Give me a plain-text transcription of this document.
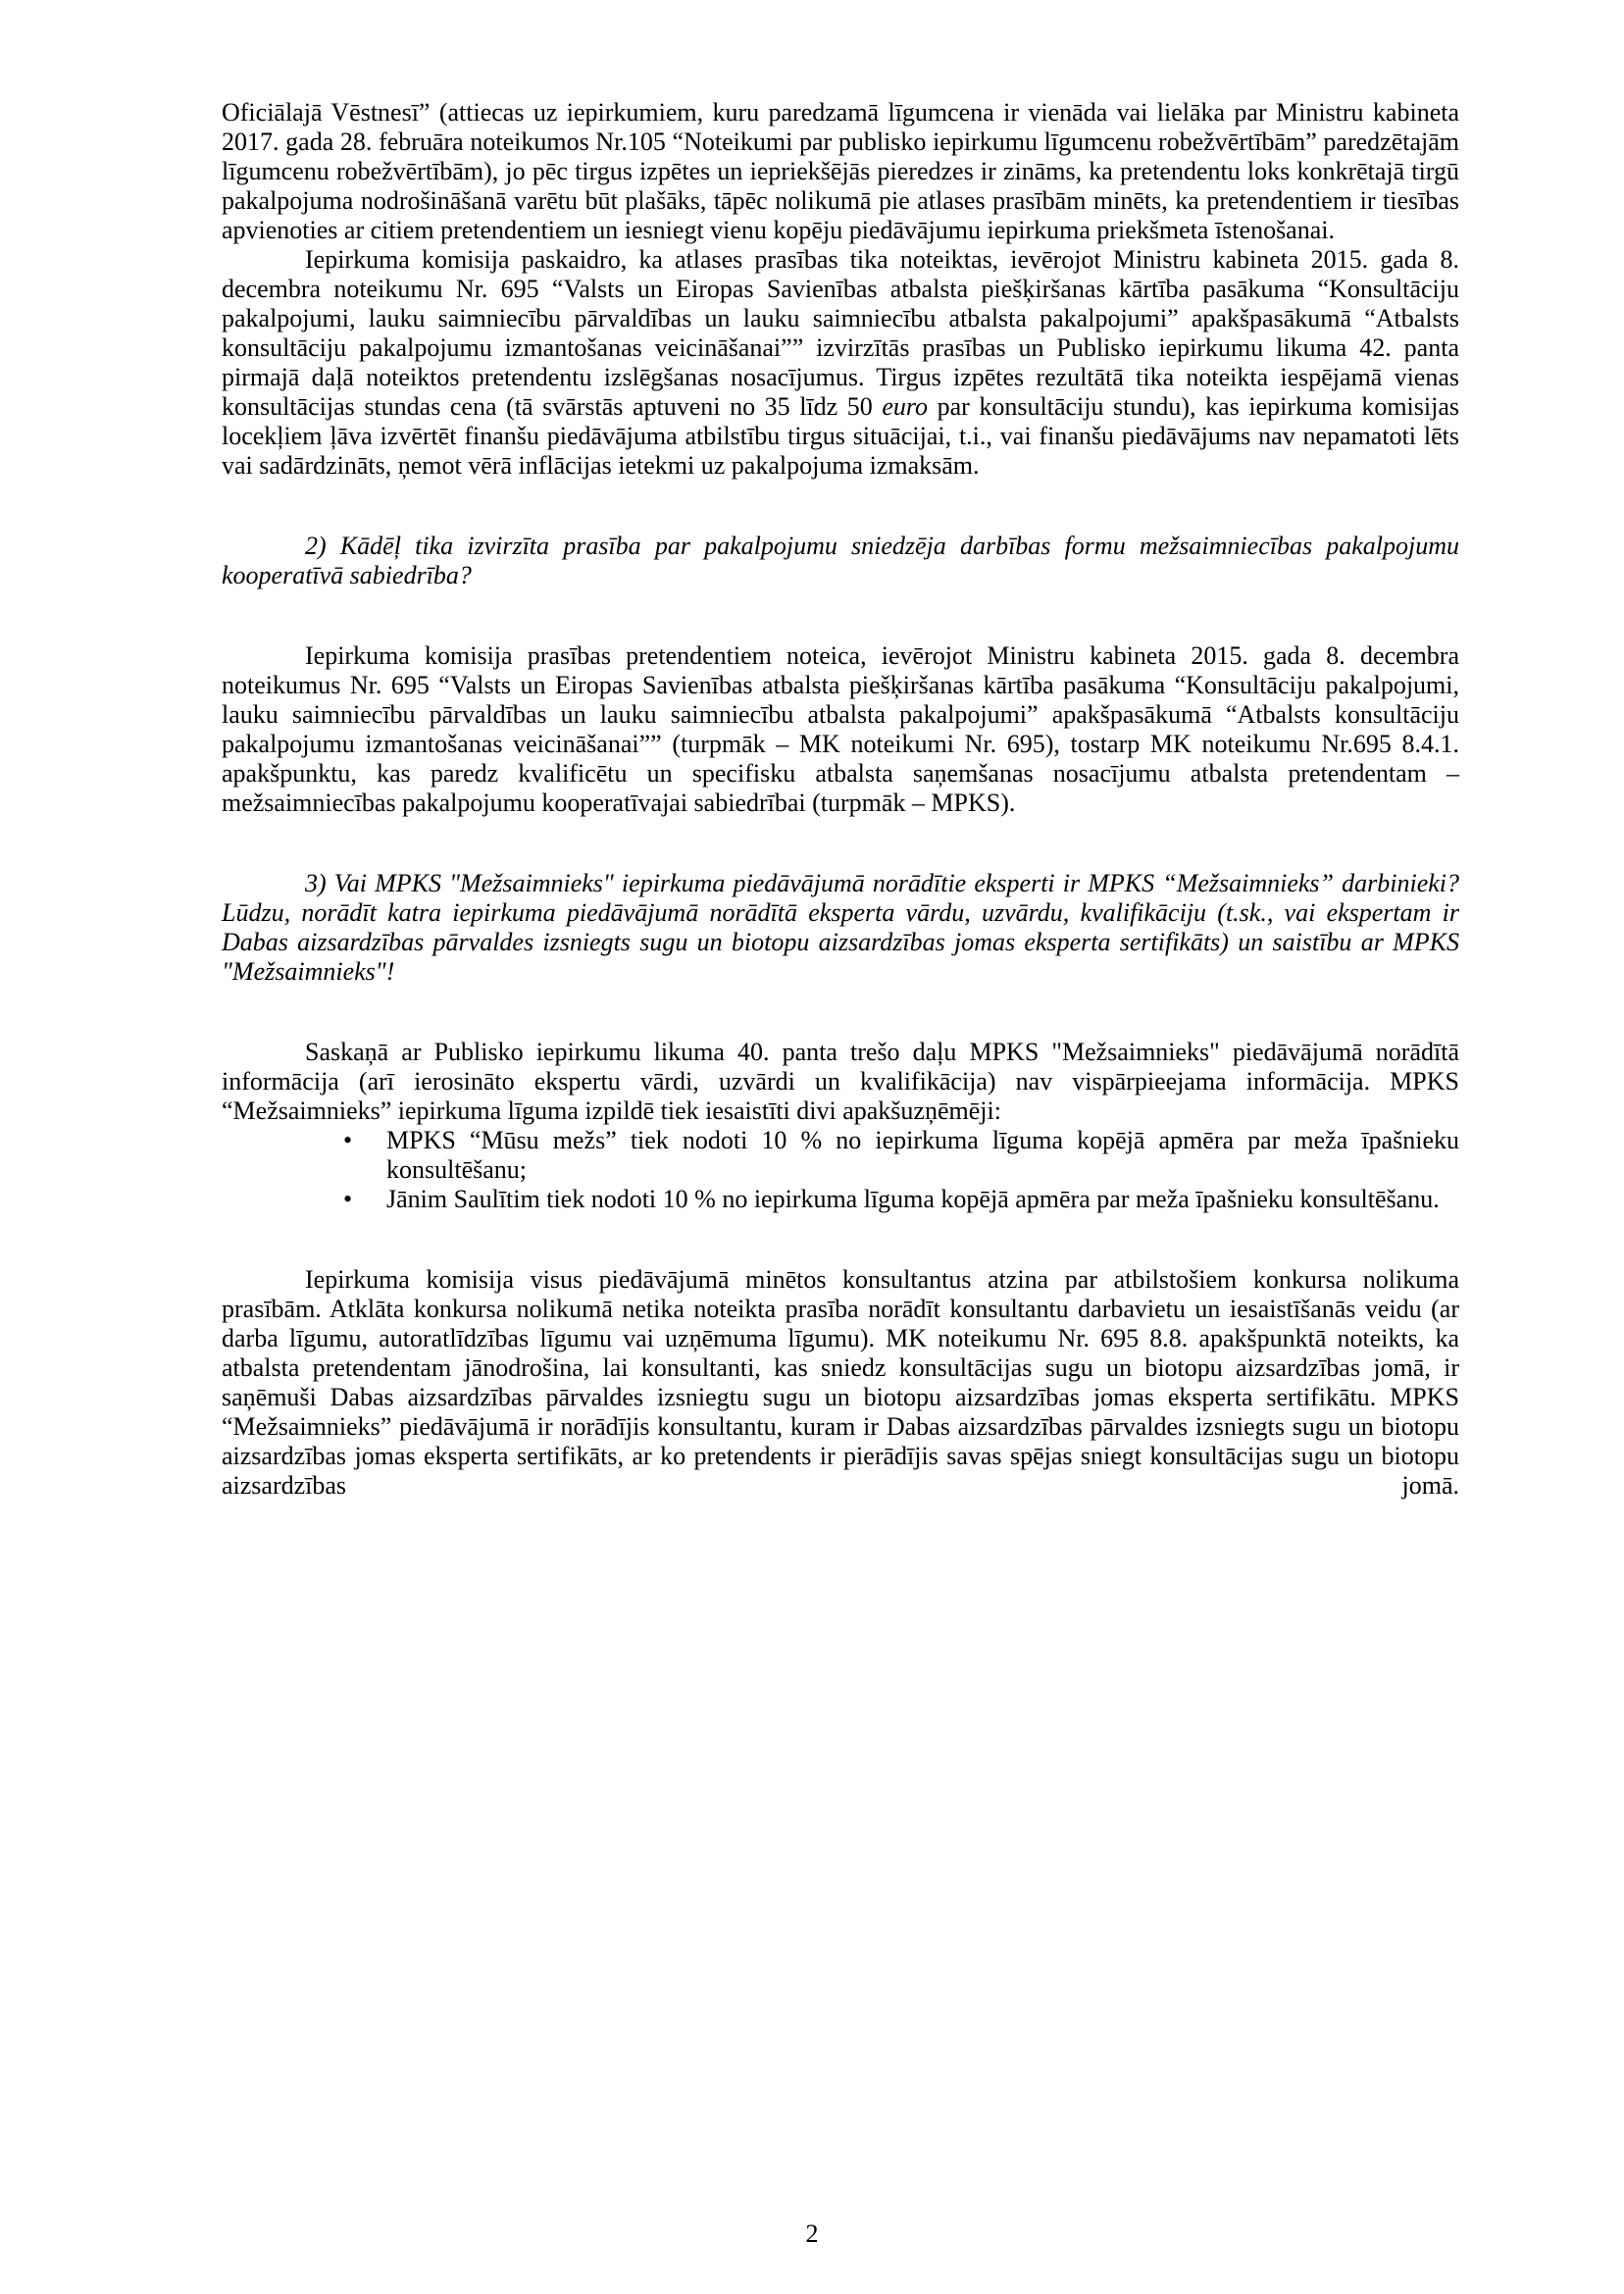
Oficiālajā Vēstnesī” (attiecas uz iepirkumiem, kuru paredzamā līgumcena ir vienāda vai lielāka par Ministru kabineta 2017. gada 28. februāra noteikumos Nr.105 “Noteikumi par publisko iepirkumu līgumcenu robežvērtībām” paredzētajām līgumcenu robežvērtībām), jo pēc tirgus izpētes un iepriekšējās pieredzes ir zināms, ka pretendentu loks konkrētajā tirgū pakalpojuma nodrošināšanā varētu būt plašāks, tāpēc nolikumā pie atlases prasībām minēts, ka pretendentiem ir tiesības apvienoties ar citiem pretendentiem un iesniegt vienu kopēju piedāvājumu iepirkuma priekšmeta īstenošanai.
Iepirkuma komisija paskaidro, ka atlases prasības tika noteiktas, ievērojot Ministru kabineta 2015. gada 8. decembra noteikumu Nr. 695 “Valsts un Eiropas Savienības atbalsta piešķiršanas kārtība pasākuma “Konsultāciju pakalpojumi, lauku saimniecību pārvaldības un lauku saimniecību atbalsta pakalpojumi” apakšpasākumā “Atbalsts konsultāciju pakalpojumu izmantošanas veicināšanai”” izvirzītās prasības un Publisko iepirkumu likuma 42. panta pirmajā daļā noteiktos pretendentu izslēgšanas nosacījumus. Tirgus izpētes rezultātā tika noteikta iespējamā vienas konsultācijas stundas cena (tā svārstās aptuveni no 35 līdz 50 euro par konsultāciju stundu), kas iepirkuma komisijas locekļiem ļāva izvērtēt finanšu piedāvājuma atbilstību tirgus situācijai, t.i., vai finanšu piedāvājums nav nepamatoti lēts vai sadārdzināts, ņemot vērā inflācijas ietekmi uz pakalpojuma izmaksām.
2) Kādēļ tika izvirzīta prasība par pakalpojumu sniedzēja darbības formu mežsaimniecības pakalpojumu kooperatīvā sabiedrība?
Iepirkuma komisija prasības pretendentiem noteica, ievērojot Ministru kabineta 2015. gada 8. decembra noteikumus Nr. 695 “Valsts un Eiropas Savienības atbalsta piešķiršanas kārtība pasākuma “Konsultāciju pakalpojumi, lauku saimniecību pārvaldības un lauku saimniecību atbalsta pakalpojumi” apakšpasākumā “Atbalsts konsultāciju pakalpojumu izmantošanas veicināšanai”” (turpmāk – MK noteikumi Nr. 695), tostarp MK noteikumu Nr.695 8.4.1. apakšpunktu, kas paredz kvalificētu un specifisku atbalsta saņemšanas nosacījumu atbalsta pretendentam – mežsaimniecības pakalpojumu kooperatīvajai sabiedrībai (turpmāk – MPKS).
3) Vai MPKS "Mežsaimnieks" iepirkuma piedāvājumā norādītie eksperti ir MPKS “Mežsaimnieks” darbinieki? Lūdzu, norādīt katra iepirkuma piedāvājumā norādītā eksperta vārdu, uzvārdu, kvalifikāciju (t.sk., vai ekspertam ir Dabas aizsardzības pārvaldes izsniegts sugu un biotopu aizsardzības jomas eksperta sertifikāts) un saistību ar MPKS "Mežsaimnieks"!
Saskaņā ar Publisko iepirkumu likuma 40. panta trešo daļu MPKS "Mežsaimnieks" piedāvājumā norādītā informācija (arī ierosināto ekspertu vārdi, uzvārdi un kvalifikācija) nav vispārpieejama informācija. MPKS “Mežsaimnieks” iepirkuma līguma izpildē tiek iesaistīti divi apakšuzņēmēji:
• MPKS “Mūsu mežs” tiek nodoti 10 % no iepirkuma līguma kopējā apmēra par meža īpašnieku konsultēšanu;
• Jānim Saulītim tiek nodoti 10 % no iepirkuma līguma kopējā apmēra par meža īpašnieku konsultēšanu.
Iepirkuma komisija visus piedāvājumā minētos konsultantus atzina par atbilstošiem konkursa nolikuma prasībām. Atklāta konkursa nolikumā netika noteikta prasība norādīt konsultantu darbavietu un iesaistīšanās veidu (ar darba līgumu, autoratlīdzības līgumu vai uzņēmuma līgumu). MK noteikumu Nr. 695 8.8. apakšpunktā noteikts, ka atbalsta pretendentam jānodrošina, lai konsultanti, kas sniedz konsultācijas sugu un biotopu aizsardzības jomā, ir saņēmuši Dabas aizsardzības pārvaldes izsniegtu sugu un biotopu aizsardzības jomas eksperta sertifikātu. MPKS “Mežsaimnieks” piedāvājumā ir norādījis konsultantu, kuram ir Dabas aizsardzības pārvaldes izsniegts sugu un biotopu aizsardzības jomas eksperta sertifikāts, ar ko pretendents ir pierādījis savas spējas sniegt konsultācijas sugu un biotopu aizsardzības jomā.
2
